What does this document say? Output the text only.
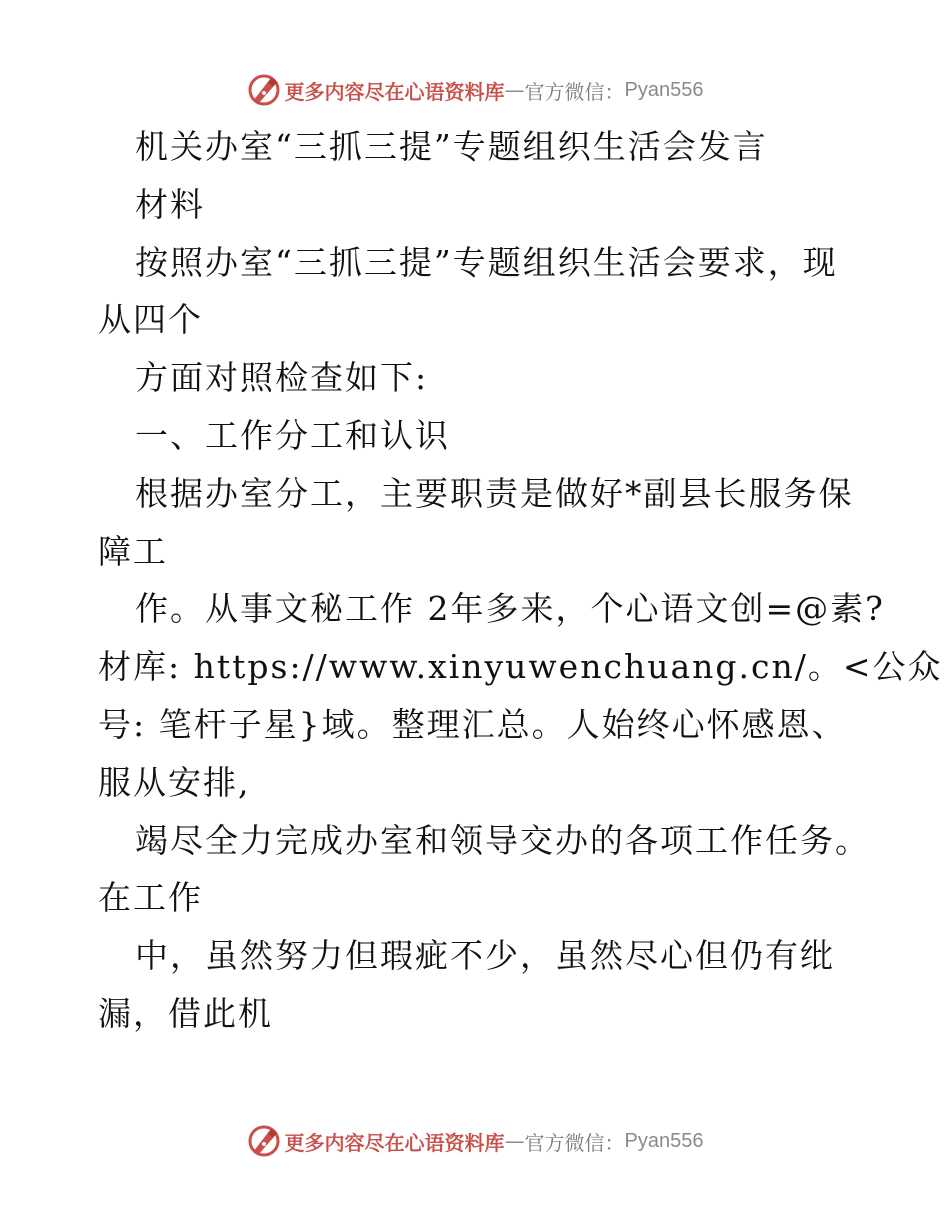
更多内容尽在心语资料库 — 官方微信： Pyan556
机关办室“三抓三提”专题组织生活会发言
材料
按照办室“三抓三提”专题组织生活会要求，现
从四个
方面对照检查如下:
一、工作分工和认识
根据办室分工，主要职责是做好*副县长服务保
障工
作。从事文秘工作 2年多来，个心语文创=@素?
材库: https://www.xinyuwenchuang.cn/。<公众
号: 笔杆子星}域。整理汇总。人始终心怀感恩、
服从安排,
竭尽全力完成办室和领导交办的各项工作任务。
在工作
中，虽然努力但瑕疵不少，虽然尽心但仍有纰
漏，借此机
更多内容尽在心语资料库 — 官方微信： Pyan556
